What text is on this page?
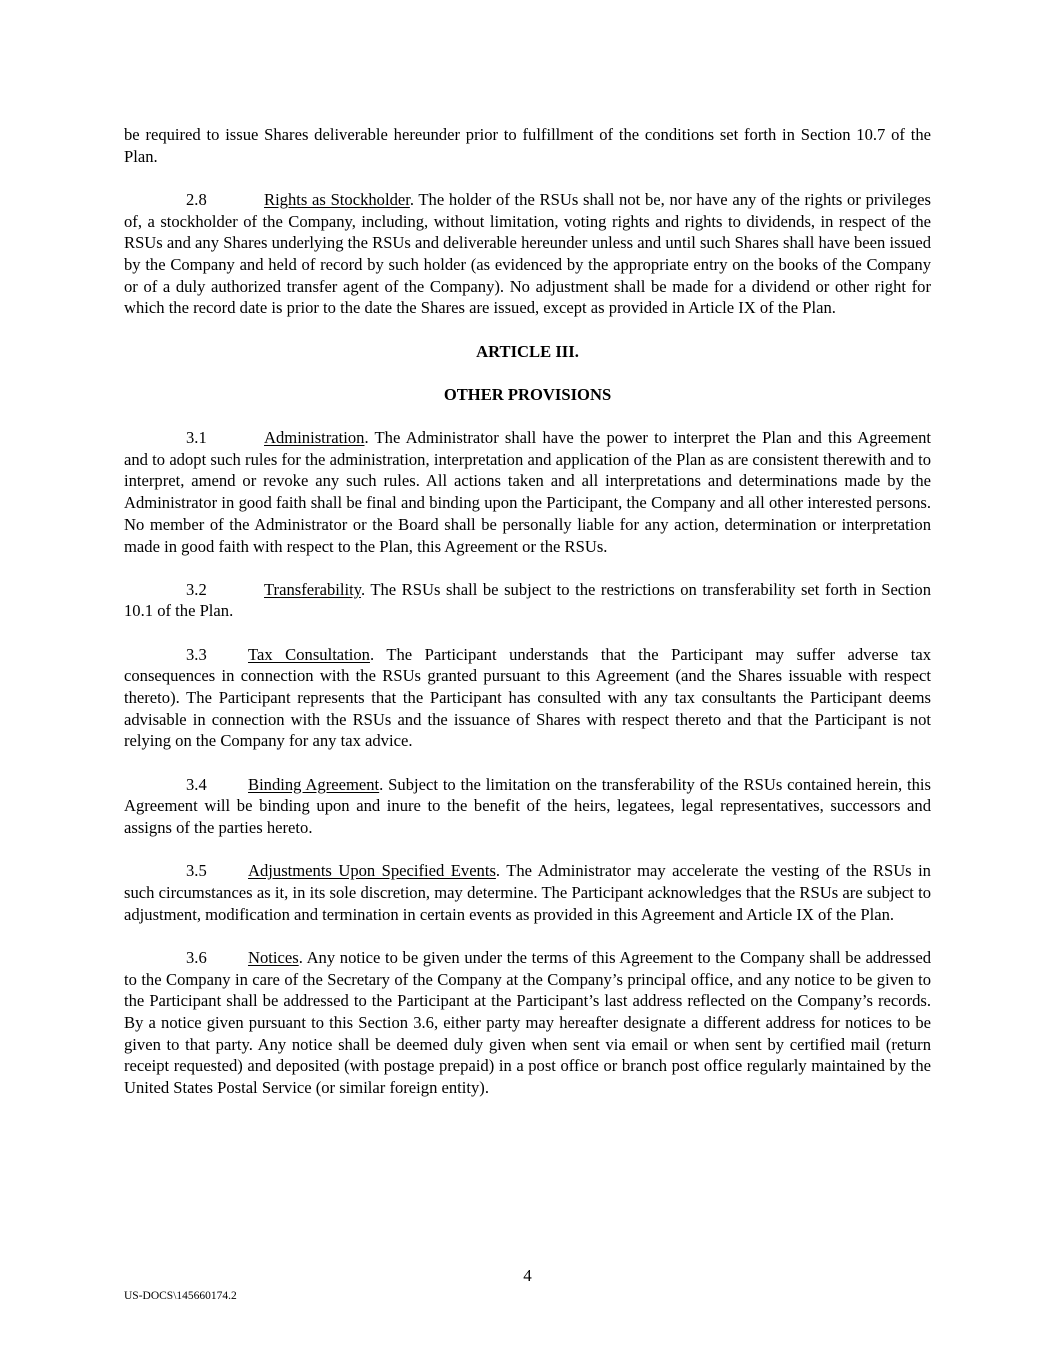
be required to issue Shares deliverable hereunder prior to fulfillment of the conditions set forth in Section 10.7 of the Plan.

2.8	Rights as Stockholder. The holder of the RSUs shall not be, nor have any of the rights or privileges of, a stockholder of the Company, including, without limitation, voting rights and rights to dividends, in respect of the RSUs and any Shares underlying the RSUs and deliverable hereunder unless and until such Shares shall have been issued by the Company and held of record by such holder (as evidenced by the appropriate entry on the books of the Company or of a duly authorized transfer agent of the Company). No adjustment shall be made for a dividend or other right for which the record date is prior to the date the Shares are issued, except as provided in Article IX of the Plan.

ARTICLE III.
OTHER PROVISIONS

3.1	Administration. The Administrator shall have the power to interpret the Plan and this Agreement and to adopt such rules for the administration, interpretation and application of the Plan as are consistent therewith and to interpret, amend or revoke any such rules. All actions taken and all interpretations and determinations made by the Administrator in good faith shall be final and binding upon the Participant, the Company and all other interested persons. No member of the Administrator or the Board shall be personally liable for any action, determination or interpretation made in good faith with respect to the Plan, this Agreement or the RSUs.

3.2	Transferability. The RSUs shall be subject to the restrictions on transferability set forth in Section 10.1 of the Plan.

3.3 Tax Consultation. The Participant understands that the Participant may suffer adverse tax consequences in connection with the RSUs granted pursuant to this Agreement (and the Shares issuable with respect thereto). The Participant represents that the Participant has consulted with any tax consultants the Participant deems advisable in connection with the RSUs and the issuance of Shares with respect thereto and that the Participant is not relying on the Company for any tax advice.

3.4 Binding Agreement. Subject to the limitation on the transferability of the RSUs contained herein, this Agreement will be binding upon and inure to the benefit of the heirs, legatees, legal representatives, successors and assigns of the parties hereto.

3.5 Adjustments Upon Specified Events. The Administrator may accelerate the vesting of the RSUs in such circumstances as it, in its sole discretion, may determine. The Participant acknowledges that the RSUs are subject to adjustment, modification and termination in certain events as provided in this Agreement and Article IX of the Plan.

3.6 Notices. Any notice to be given under the terms of this Agreement to the Company shall be addressed to the Company in care of the Secretary of the Company at the Company’s principal office, and any notice to be given to the Participant shall be addressed to the Participant at the Participant’s last address reflected on the Company’s records. By a notice given pursuant to this Section 3.6, either party may hereafter designate a different address for notices to be given to that party. Any notice shall be deemed duly given when sent via email or when sent by certified mail (return receipt requested) and deposited (with postage prepaid) in a post office or branch post office regularly maintained by the United States Postal Service (or similar foreign entity).

4
US-DOCS\145660174.2
